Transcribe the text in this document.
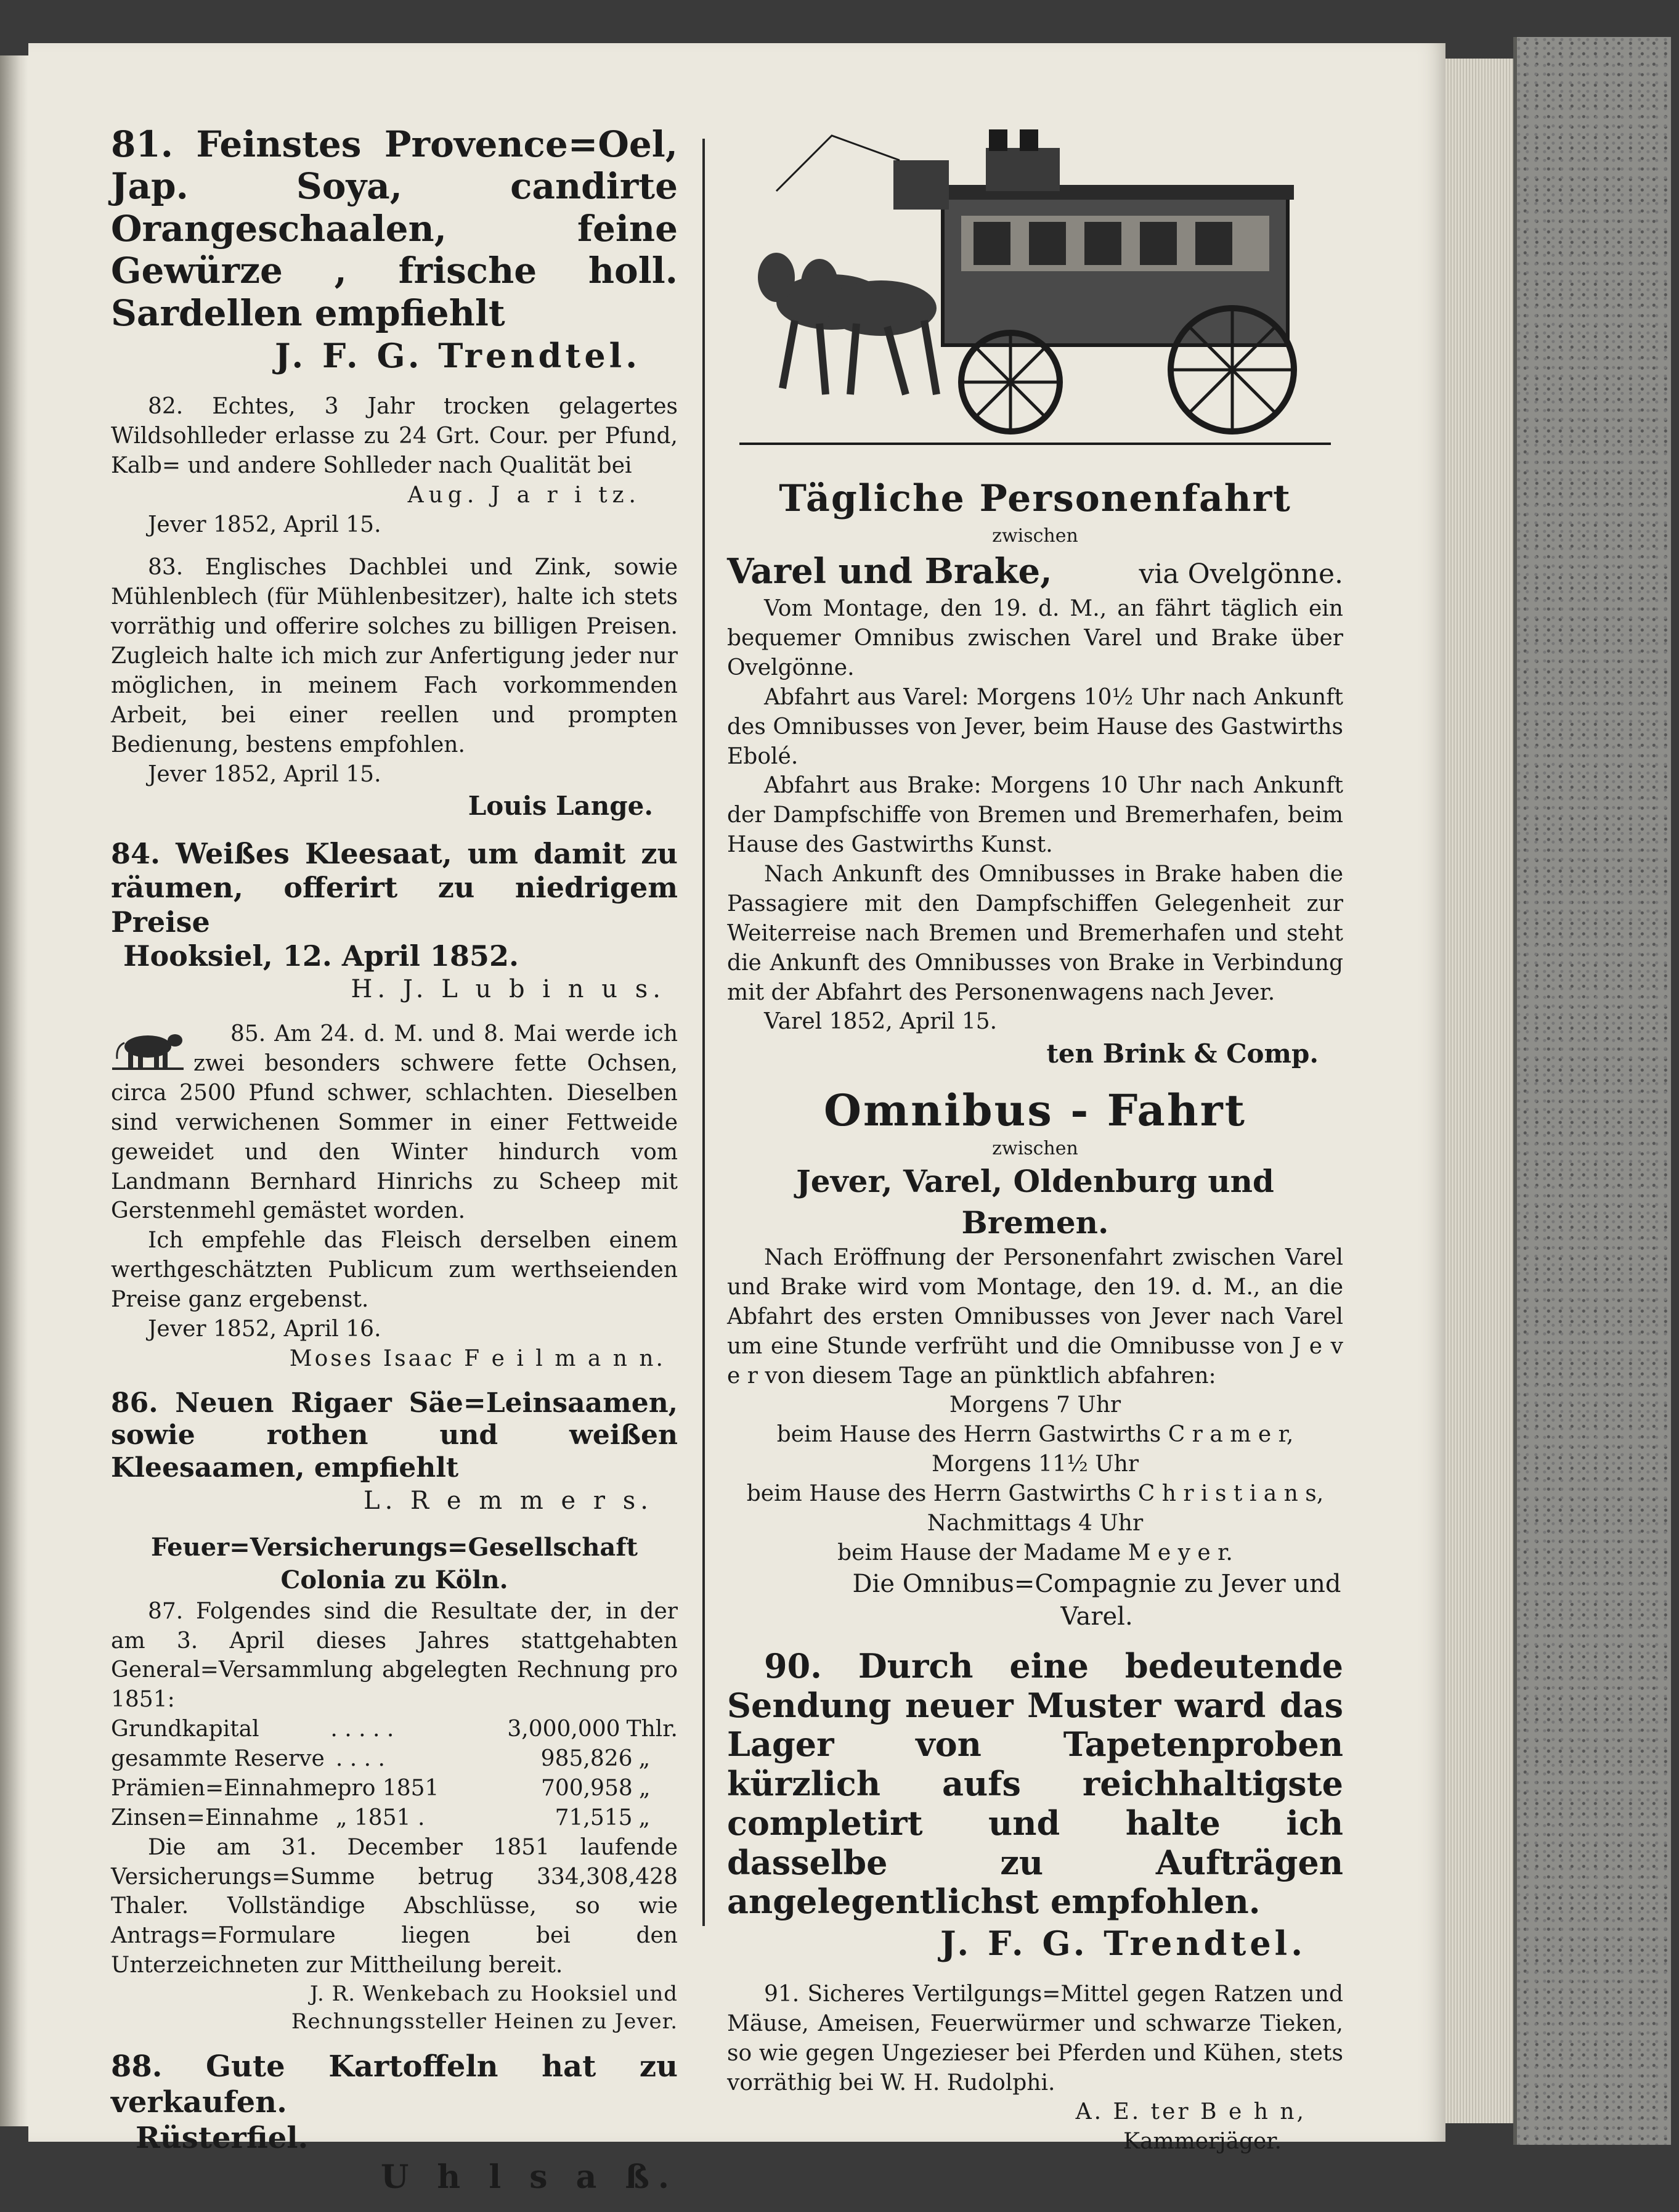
81. Feinstes Provence=Oel, Jap. Soya, candirte Orangeschaalen, feine Gewürze , frische holl. Sardellen empfiehlt
J. F. G. Trendtel.
82. Echtes, 3 Jahr trocken gelagertes Wildsohlleder erlasse zu 24 Grt. Cour. per Pfund, Kalb= und andere Sohlleder nach Qualität bei
Aug. J a r i tz.
Jever 1852, April 15.
83. Englisches Dachblei und Zink, sowie Mühlenblech (für Mühlenbesitzer), halte ich stets vorräthig und offerire solches zu billigen Preisen. Zugleich halte ich mich zur Anfertigung jeder nur möglichen, in meinem Fach vorkommenden Arbeit, bei einer reellen und prompten Bedienung, bestens empfohlen.
Jever 1852, April 15.
Louis Lange.
84. Weißes Kleesaat, um damit zu räumen, offerirt zu niedrigem Preise
Hooksiel, 12. April 1852.
H. J. L u b i n u s.
85. Am 24. d. M. und 8. Mai werde ich zwei besonders schwere fette Ochsen, circa 2500 Pfund schwer, schlachten. Dieselben sind verwichenen Sommer in einer Fettweide geweidet und den Winter hindurch vom Landmann Bernhard Hinrichs zu Scheep mit Gerstenmehl gemästet worden.
Ich empfehle das Fleisch derselben einem werthgeschätzten Publicum zum werthseienden Preise ganz ergebenst.
Jever 1852, April 16.
Moses Isaac F e i l m a n n.
86. Neuen Rigaer Säe=Leinsaamen, sowie rothen und weißen Kleesaamen, empfiehlt
L. R e m m e r s.
Feuer=Versicherungs=Gesellschaft Colonia zu Köln.
87. Folgendes sind die Resultate der, in der am 3. April dieses Jahres stattgehabten General=Versammlung abgelegten Rechnung pro 1851:
Grundkapital	. . . . .	3,000,000 Thlr.
gesammte Reserve . . . .	985,826 „
Prämien=Einnahme pro 1851	700,958 „
Zinsen=Einnahme „ 1851 .	71,515 „
Die am 31. December 1851 laufende Versicherungs=Summe betrug 334,308,428 Thaler. Vollständige Abschlüsse, so wie Antrags=Formulare liegen bei den Unterzeichneten zur Mittheilung bereit.
J. R. Wenkebach zu Hooksiel und Rechnungssteller Heinen zu Jever.
88. Gute Kartoffeln hat zu verkaufen.
Rüsterfiel.
U h l s a ß.
Tägliche Personenfahrt
zwischen
Varel und Brake,	via Ovelgönne.
Vom Montage, den 19. d. M., an fährt täglich ein bequemer Omnibus zwischen Varel und Brake über Ovelgönne.
Abfahrt aus Varel: Morgens 10½ Uhr nach Ankunft des Omnibusses von Jever, beim Hause des Gastwirths Ebolé.
Abfahrt aus Brake: Morgens 10 Uhr nach Ankunft der Dampfschiffe von Bremen und Bremerhafen, beim Hause des Gastwirths Kunst.
Nach Ankunft des Omnibusses in Brake haben die Passagiere mit den Dampfschiffen Gelegenheit zur Weiterreise nach Bremen und Bremerhafen und steht die Ankunft des Omnibusses von Brake in Verbindung mit der Abfahrt des Personenwagens nach Jever.
Varel 1852, April 15.
ten Brink & Comp.
Omnibus - Fahrt
zwischen
Jever, Varel, Oldenburg und Bremen.
Nach Eröffnung der Personenfahrt zwischen Varel und Brake wird vom Montage, den 19. d. M., an die Abfahrt des ersten Omnibusses von Jever nach Varel um eine Stunde verfrüht und die Omnibusse von J e v e r von diesem Tage an pünktlich abfahren:
Morgens 7 Uhr
beim Hause des Herrn Gastwirths C r a m e r,
Morgens 11½ Uhr
beim Hause des Herrn Gastwirths C h r i s t i a n s,
Nachmittags 4 Uhr
beim Hause der Madame M e y e r.
Die Omnibus=Compagnie zu Jever und Varel.
90. Durch eine bedeutende Sendung neuer Muster ward das Lager von Tapetenproben kürzlich aufs reichhaltigste completirt und halte ich dasselbe zu Aufträgen angelegentlichst empfohlen.
J. F. G. Trendtel.
91. Sicheres Vertilgungs=Mittel gegen Ratzen und Mäuse, Ameisen, Feuerwürmer und schwarze Tieken, so wie gegen Ungezieser bei Pferden und Kühen, stets vorräthig bei W. H. Rudolphi.
A. E. ter B e h n,
Kammerjäger.
